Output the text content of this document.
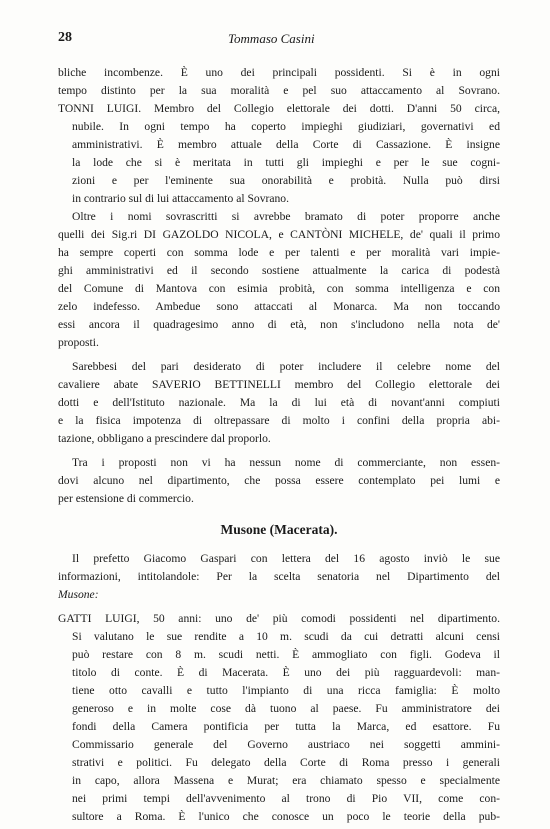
28	Tommaso Casini
bliche incombenze. È uno dei principali possidenti. Si è in ogni
tempo distinto per la sua moralità e pel suo attaccamento al Sovrano.
TONNI LUIGI. Membro del Collegio elettorale dei dotti. D'anni 50 circa,
nubile. In ogni tempo ha coperto impieghi giudiziari, governativi ed
amministrativi. È membro attuale della Corte di Cassazione. È insigne
la lode che si è meritata in tutti gli impieghi e per le sue cogni-
zioni e per l'eminente sua onorabilità e probità. Nulla può dirsi
in contrario sul di lui attaccamento al Sovrano.
Oltre i nomi sovrascritti si avrebbe bramato di poter proporre anche
quelli dei Sig.ri DI GAZOLDO NICOLA, e CANTÒNI MICHELE, de' quali il primo
ha sempre coperti con somma lode e per talenti e per moralità vari impie-
ghi amministrativi ed il secondo sostiene attualmente la carica di podestà
del Comune di Mantova con esimia probità, con somma intelligenza e con
zelo indefesso. Ambedue sono attaccati al Monarca. Ma non toccando
essi ancora il quadragesimo anno di età, non s'includono nella nota de'
proposti.
Sarebbesi del pari desiderato di poter includere il celebre nome del
cavaliere abate SAVERIO BETTINELLI membro del Collegio elettorale dei
dotti e dell'Istituto nazionale. Ma la di lui età di novant'anni compiuti
e la fisica impotenza di oltrepassare di molto i confini della propria abi-
tazione, obbligano a prescindere dal proporlo.
Tra i proposti non vi ha nessun nome di commerciante, non essen-
dovi alcuno nel dipartimento, che possa essere contemplato pei lumi e
per estensione di commercio.
Musone (Macerata).
Il prefetto Giacomo Gaspari con lettera del 16 agosto inviò le sue
informazioni, intitolandole: Per la scelta senatoria nel Dipartimento del
Musone:
GATTI LUIGI, 50 anni: uno de' più comodi possidenti nel dipartimento.
Si valutano le sue rendite a 10 m. scudi da cui detratti alcuni censi
può restare con 8 m. scudi netti. È ammogliato con figli. Godeva il
titolo di conte. È di Macerata. È uno dei più ragguardevoli: man-
tiene otto cavalli e tutto l'impianto di una ricca famiglia: È molto
generoso e in molte cose dà tuono al paese. Fu amministratore dei
fondi della Camera pontificia per tutta la Marca, ed esattore. Fu
Commissario generale del Governo austriaco nei soggetti ammini-
strativi e politici. Fu delegato della Corte di Roma presso i generali
in capo, allora Massena e Murat; era chiamato spesso e specialmente
nei primi tempi dell'avvenimento al trono di Pio VII, come con-
sultore a Roma. È l'unico che conosce un poco le teorie della pub-
